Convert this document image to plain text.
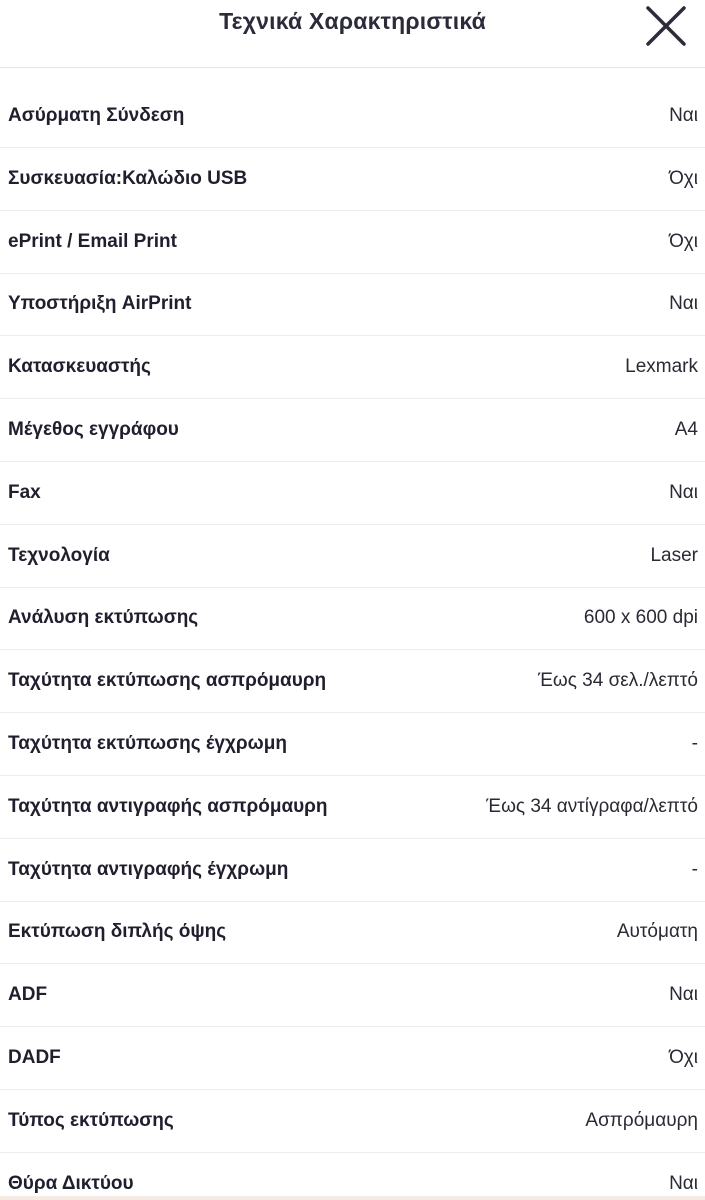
Τεχνικά Χαρακτηριστικά
Ασύρματη Σύνδεση	Ναι
Συσκευασία:Καλώδιο USB	Όχι
ePrint / Email Print	Όχι
Υποστήριξη AirPrint	Ναι
Κατασκευαστής	Lexmark
Μέγεθος εγγράφου	A4
Fax	Ναι
Τεχνολογία	Laser
Ανάλυση εκτύπωσης	600 x 600 dpi
Ταχύτητα εκτύπωσης ασπρόμαυρη	Έως 34 σελ./λεπτό
Ταχύτητα εκτύπωσης έγχρωμη	-
Ταχύτητα αντιγραφής ασπρόμαυρη	Έως 34 αντίγραφα/λεπτό
Ταχύτητα αντιγραφής έγχρωμη	-
Εκτύπωση διπλής όψης	Αυτόματη
ADF	Ναι
DADF	Όχι
Τύπος εκτύπωσης	Ασπρόμαυρη
Θύρα Δικτύου	Ναι
